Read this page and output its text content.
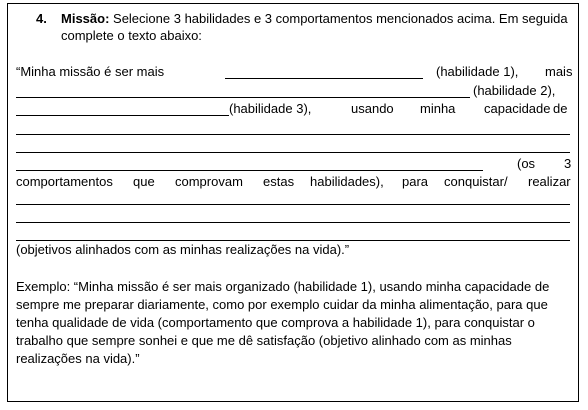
4. Missão: Selecione 3 habilidades e 3 comportamentos mencionados acima. Em seguida
complete o texto abaixo:
“Minha missão é ser mais	(habilidade 1), mais
(habilidade 2),
(habilidade 3),	usando minha capacidade de
(os 3
comportamentos que comprovam estas habilidades), para conquistar/ realizar
(objetivos alinhados com as minhas realizações na vida).”
Exemplo: “Minha missão é ser mais organizado (habilidade 1), usando minha capacidade de
sempre me preparar diariamente, como por exemplo cuidar da minha alimentação, para que
tenha qualidade de vida (comportamento que comprova a habilidade 1), para conquistar o
trabalho que sempre sonhei e que me dê satisfação (objetivo alinhado com as minhas
realizações na vida).”
